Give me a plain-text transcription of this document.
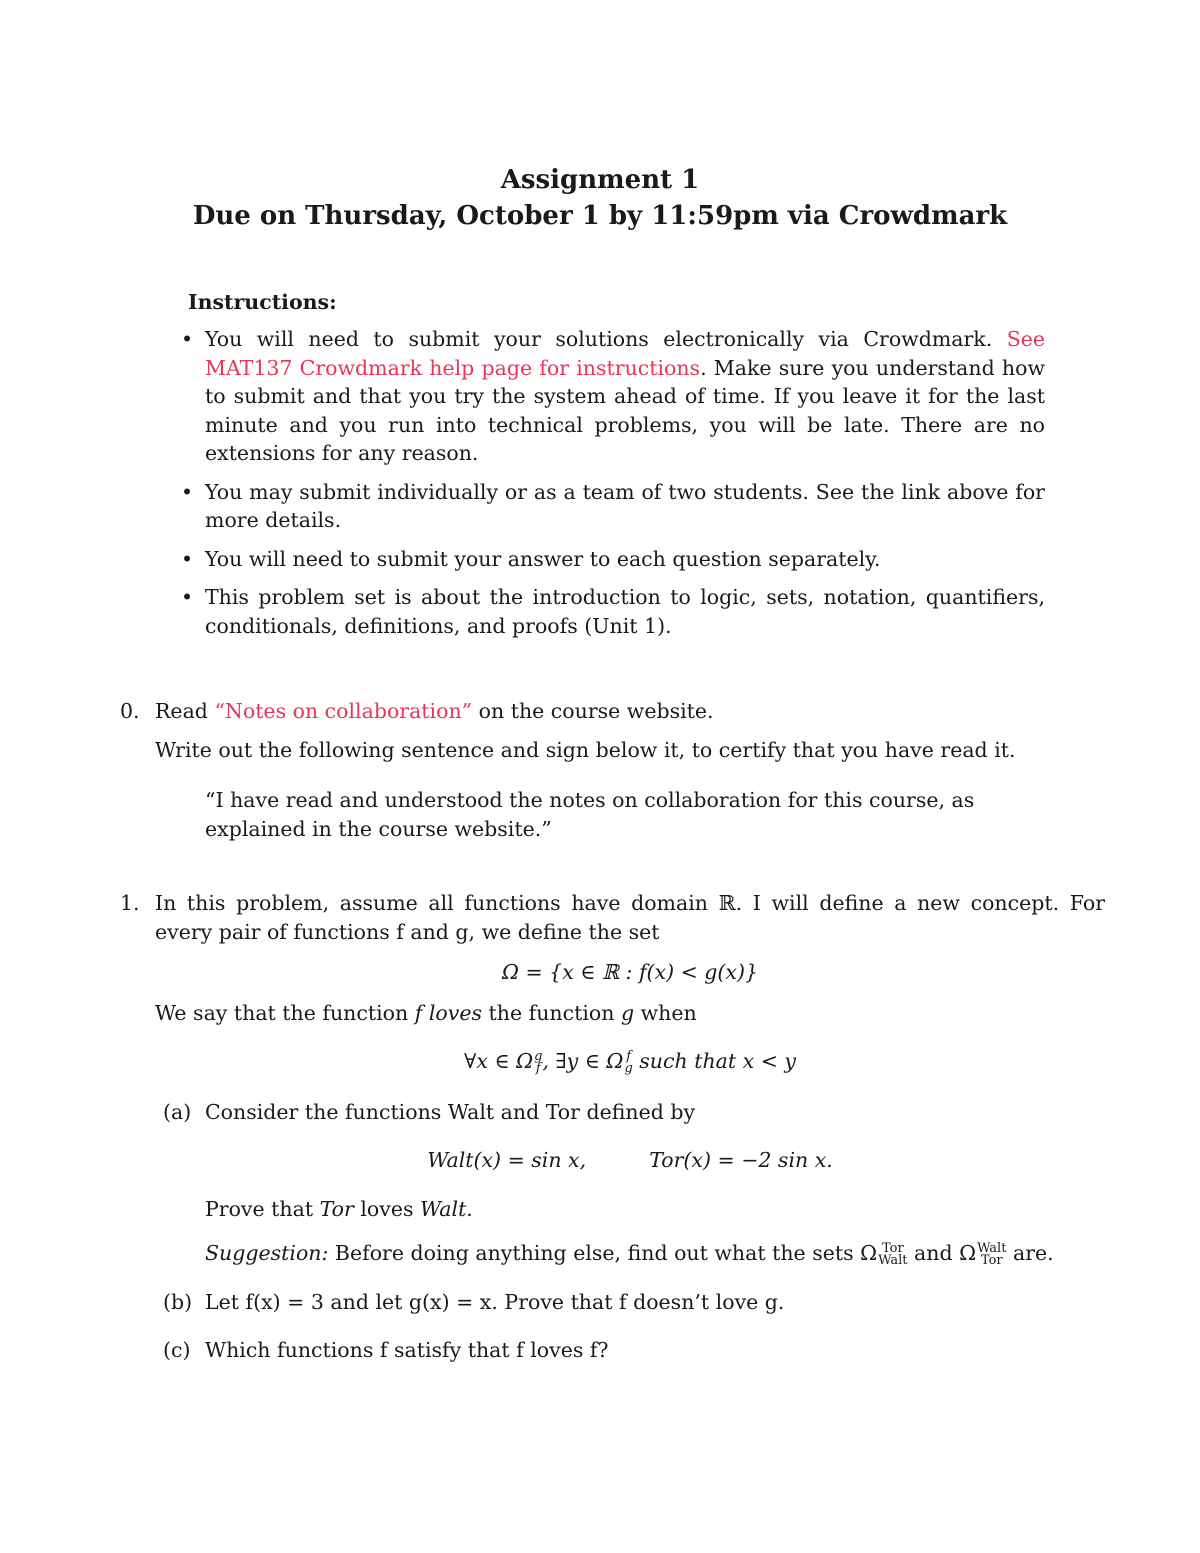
Assignment 1
Due on Thursday, October 1 by 11:59pm via Crowdmark
Instructions:
• You will need to submit your solutions electronically via Crowdmark. See MAT137 Crowdmark help page for instructions. Make sure you understand how to submit and that you try the system ahead of time. If you leave it for the last minute and you run into technical problems, you will be late. There are no extensions for any reason.
• You may submit individually or as a team of two students. See the link above for more details.
• You will need to submit your answer to each question separately.
• This problem set is about the introduction to logic, sets, notation, quantifiers, conditionals, definitions, and proofs (Unit 1).
0. Read “Notes on collaboration” on the course website.
Write out the following sentence and sign below it, to certify that you have read it.
“I have read and understood the notes on collaboration for this course, as explained in the course website.”
1. In this problem, assume all functions have domain ℝ. I will define a new concept. For every pair of functions f and g, we define the set
Ω = {x ∈ ℝ : f(x) < g(x)}
We say that the function f loves the function g when
∀x ∈ Ω g
f , ∃y ∈ Ω f
g such that x < y
(a) Consider the functions Walt and Tor defined by
Walt(x) = sin x,	Tor(x) = −2 sin x.
Prove that Tor loves Walt.
Suggestion: Before doing anything else, find out what the sets Ω Tor
Walt and Ω Walt
Tor are.
(b) Let f(x) = 3 and let g(x) = x. Prove that f doesn’t love g.
(c) Which functions f satisfy that f loves f?
